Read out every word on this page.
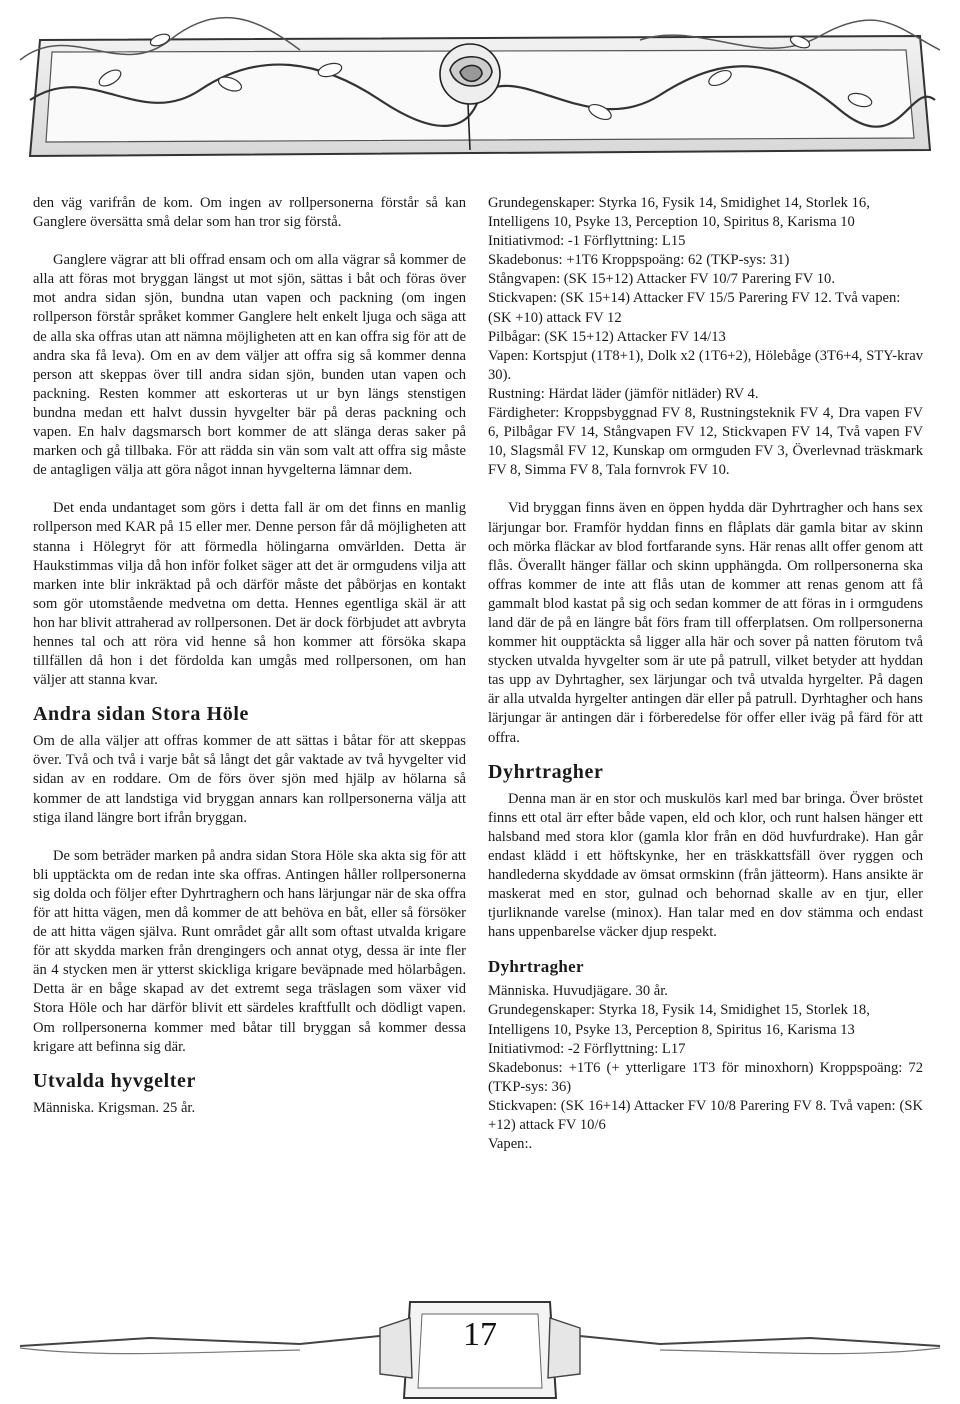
den väg varifrån de kom. Om ingen av rollpersonerna förstår så kan Ganglere översätta små delar som han tror sig förstå.

Ganglere vägrar att bli offrad ensam och om alla vägrar så kommer de alla att föras mot bryggan längst ut mot sjön, sättas i båt och föras över mot andra sidan sjön, bundna utan vapen och packning (om ingen rollperson förstår språket kommer Ganglere helt enkelt ljuga och säga att de alla ska offras utan att nämna möjligheten att en kan offra sig för att de andra ska få leva). Om en av dem väljer att offra sig så kommer denna person att skeppas över till andra sidan sjön, bunden utan vapen och packning. Resten kommer att eskorteras ut ur byn längs stenstigen bundna medan ett halvt dussin hyvgelter bär på deras packning och vapen. En halv dagsmarsch bort kommer de att slänga deras saker på marken och gå tillbaka. För att rädda sin vän som valt att offra sig måste de antagligen välja att göra något innan hyvgelterna lämnar dem.

Det enda undantaget som görs i detta fall är om det finns en manlig rollperson med KAR på 15 eller mer. Denne person får då möjligheten att stanna i Hölegryt för att förmedla hölingarna omvärlden. Detta är Haukstimmas vilja då hon inför folket säger att det är ormgudens vilja att marken inte blir inkräktad på och därför måste det påbörjas en kontakt som gör utomstående medvetna om detta. Hennes egentliga skäl är att hon har blivit attraherad av rollpersonen. Det är dock förbjudet att avbryta hennes tal och att röra vid henne så hon kommer att försöka skapa tillfällen då hon i det fördolda kan umgås med rollpersonen, om han väljer att stanna kvar.

Andra sidan Stora Höle

Om de alla väljer att offras kommer de att sättas i båtar för att skeppas över. Två och två i varje båt så långt det går vaktade av två hyvgelter vid sidan av en roddare. Om de förs över sjön med hjälp av hölarna så kommer de att landstiga vid bryggan annars kan rollpersonerna välja att stiga iland längre bort ifrån bryggan.

De som beträder marken på andra sidan Stora Höle ska akta sig för att bli upptäckta om de redan inte ska offras. Antingen håller rollpersonerna sig dolda och följer efter Dyhrtraghern och hans lärjungar när de ska offra för att hitta vägen, men då kommer de att behöva en båt, eller så försöker de att hitta vägen själva. Runt området går allt som oftast utvalda krigare för att skydda marken från drengingers och annat otyg, dessa är inte fler än 4 stycken men är ytterst skickliga krigare beväpnade med hölarbågen. Detta är en båge skapad av det extremt sega träslagen som växer vid Stora Höle och har därför blivit ett särdeles kraftfullt och dödligt vapen. Om rollpersonerna kommer med båtar till bryggan så kommer dessa krigare att befinna sig där.

Utvalda hyvgelter

Människa. Krigsman. 25 år.

Grundegenskaper: Styrka 16, Fysik 14, Smidighet 14, Storlek 16, Intelligens 10, Psyke 13, Perception 10, Spiritus 8, Karisma 10

Initiativmod: -1 Förflyttning: L15

Skadebonus: +1T6 Kroppspoäng: 62 (TKP-sys: 31)

Stångvapen: (SK 15+12) Attacker FV 10/7 Parering FV 10.

Stickvapen: (SK 15+14) Attacker FV 15/5 Parering FV 12. Två vapen: (SK +10) attack FV 12

Pilbågar: (SK 15+12) Attacker FV 14/13

Vapen: Kortspjut (1T8+1), Dolk x2 (1T6+2), Hölebåge (3T6+4, STY-krav 30).

Rustning: Härdat läder (jämför nitläder) RV 4.

Färdigheter: Kroppsbyggnad FV 8, Rustningsteknik FV 4, Dra vapen FV 6, Pilbågar FV 14, Stångvapen FV 12, Stickvapen FV 14, Två vapen FV 10, Slagsmål FV 12, Kunskap om ormguden FV 3, Överlevnad träskmark FV 8, Simma FV 8, Tala fornvrok FV 10.

Vid bryggan finns även en öppen hydda där Dyhrtragher och hans sex lärjungar bor. Framför hyddan finns en flåplats där gamla bitar av skinn och mörka fläckar av blod fortfarande syns. Här renas allt offer genom att flås. Överallt hänger fällar och skinn upphängda. Om rollpersonerna ska offras kommer de inte att flås utan de kommer att renas genom att få gammalt blod kastat på sig och sedan kommer de att föras in i ormgudens land där de på en längre båt förs fram till offerplatsen. Om rollpersonerna kommer hit oupptäckta så ligger alla här och sover på natten förutom två stycken utvalda hyvgelter som är ute på patrull, vilket betyder att hyddan tas upp av Dyhrtagher, sex lärjungar och två utvalda hyrgelter. På dagen är alla utvalda hyrgelter antingen där eller på patrull. Dyrhtagher och hans lärjungar är antingen där i förberedelse för offer eller iväg på färd för att offra.

Dyhrtragher

Denna man är en stor och muskulös karl med bar bringa. Över bröstet finns ett otal ärr efter både vapen, eld och klor, och runt halsen hänger ett halsband med stora klor (gamla klor från en död huvfurdrake). Han går endast klädd i ett höftskynke, her en träskkattsfäll över ryggen och handlederna skyddade av ömsat ormskinn (från jätteorm). Hans ansikte är maskerat med en stor, gulnad och behornad skalle av en tjur, eller tjurliknande varelse (minox). Han talar med en dov stämma och endast hans uppenbarelse väcker djup respekt.

Dyhrtragher

Människa. Huvudjägare. 30 år.

Grundegenskaper: Styrka 18, Fysik 14, Smidighet 15, Storlek 18, Intelligens 10, Psyke 13, Perception 8, Spiritus 16, Karisma 13

Initiativmod: -2 Förflyttning: L17

Skadebonus: +1T6 (+ ytterligare 1T3 för minoxhorn) Kroppspoäng: 72 (TKP-sys: 36)

Stickvapen: (SK 16+14) Attacker FV 10/8 Parering FV 8. Två vapen: (SK +12) attack FV 10/6

Vapen:.

17
